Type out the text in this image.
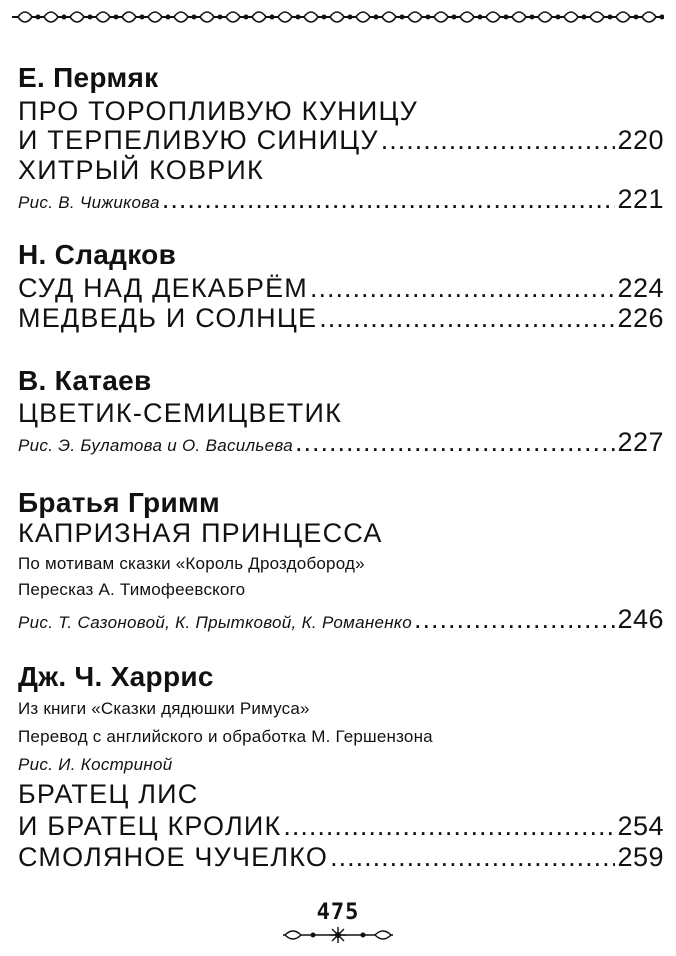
Е. Пермяк
ПРО ТОРОПЛИВУЮ КУНИЦУ
И ТЕРПЕЛИВУЮ СИНИЦУ .....	220
ХИТРЫЙ КОВРИК
Рис. В. Чижикова .....	221
Н. Сладков
СУД НАД ДЕКАБРЁМ .....	224
МЕДВЕДЬ И СОЛНЦЕ .....	226
В. Катаев
ЦВЕТИК-СЕМИЦВЕТИК
Рис. Э. Булатова и О. Васильева .....	227
Братья Гримм
КАПРИЗНАЯ ПРИНЦЕССА
По мотивам сказки «Король Дроздобород»
Пересказ А. Тимофеевского
Рис. Т. Сазоновой, К. Прытковой, К. Романенко .....	246
Дж. Ч. Харрис
Из книги «Сказки дядюшки Римуса»
Перевод с английского и обработка М. Гершензона
Рис. И. Костриной
БРАТЕЦ ЛИС
И БРАТЕЦ КРОЛИК .....	254
СМОЛЯНОЕ ЧУЧЕЛКО .....	259
475
